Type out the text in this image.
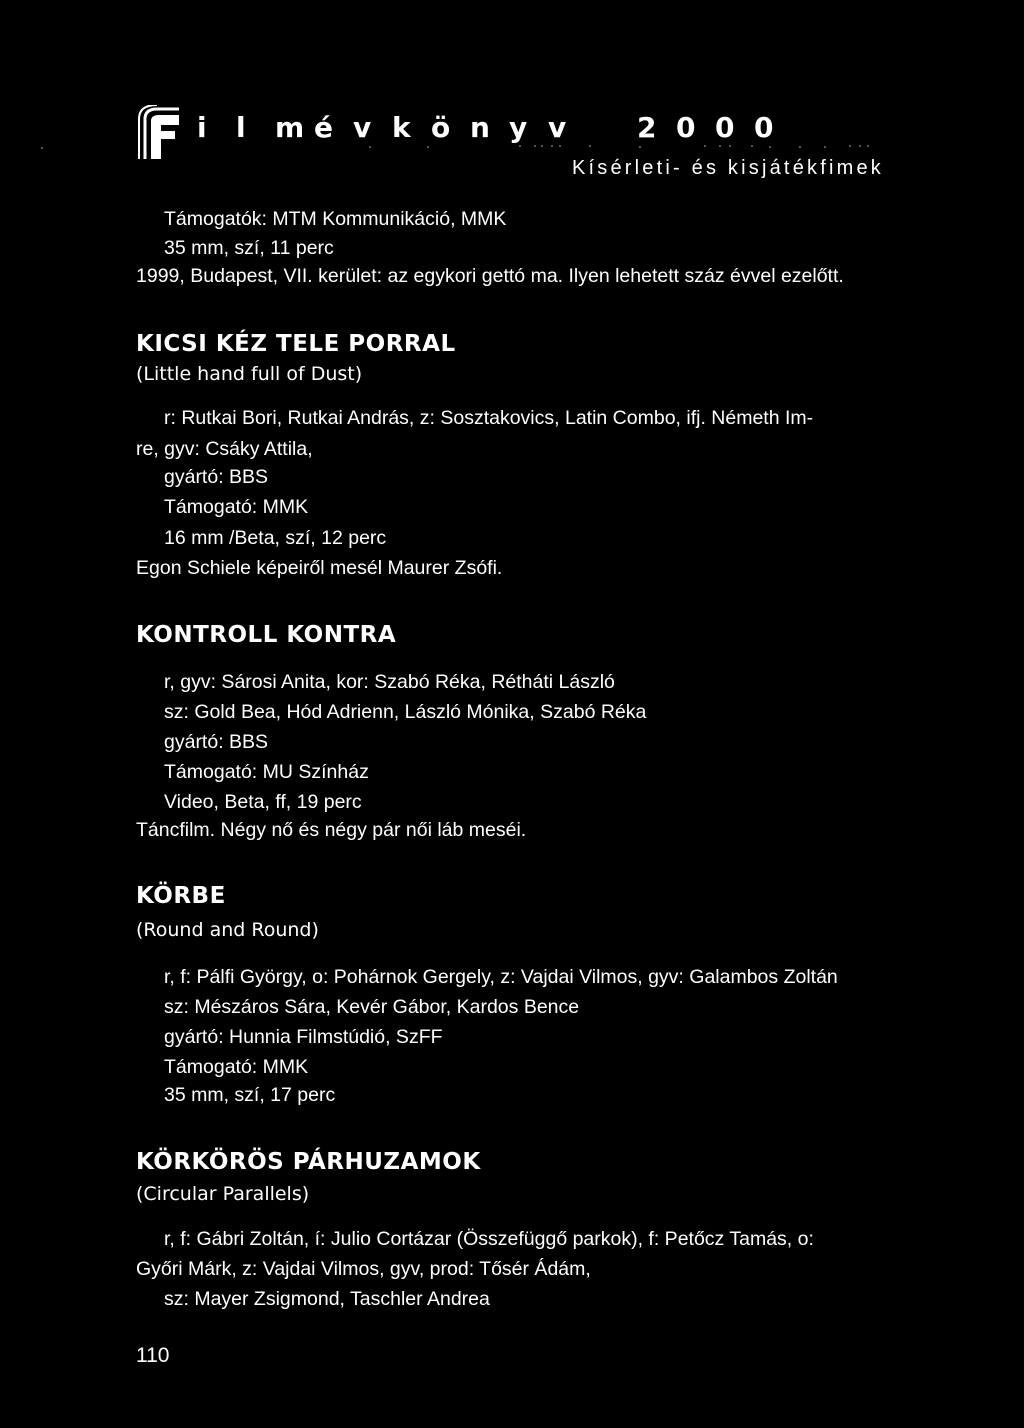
f
i	l	m é v k ö n y v	2 0 0 0
Kísérleti- és kisjátékfimek
Támogatók: MTM Kommunikáció, MMK
35 mm, szí, 11 perc
1999, Budapest, VII. kerület: az egykori gettó ma. Ilyen lehetett száz évvel ezelőtt.
KICSI KÉZ TELE PORRAL
(Little hand full of Dust)
r: Rutkai Bori, Rutkai András, z: Sosztakovics, Latin Combo, ifj. Németh Im-
re, gyv: Csáky Attila,
gyártó: BBS
Támogató: MMK
16 mm /Beta, szí, 12 perc
Egon Schiele képeiről mesél Maurer Zsófi.
KONTROLL KONTRA
r, gyv: Sárosi Anita, kor: Szabó Réka, Rétháti László
sz: Gold Bea, Hód Adrienn, László Mónika, Szabó Réka
gyártó: BBS
Támogató: MU Színház
Video, Beta, ff, 19 perc
Táncfilm. Négy nő és négy pár női láb meséi.
KÖRBE
(Round and Round)
r, f: Pálfi György, o: Pohárnok Gergely, z: Vajdai Vilmos, gyv: Galambos Zoltán
sz: Mészáros Sára, Kevér Gábor, Kardos Bence
gyártó: Hunnia Filmstúdió, SzFF
Támogató: MMK
35 mm, szí, 17 perc
KÖRKÖRÖS PÁRHUZAMOK
(Circular Parallels)
r, f: Gábri Zoltán, í: Julio Cortázar (Összefüggő parkok), f: Petőcz Tamás, o:
Győri Márk, z: Vajdai Vilmos, gyv, prod: Tősér Ádám,
sz: Mayer Zsigmond, Taschler Andrea
110
